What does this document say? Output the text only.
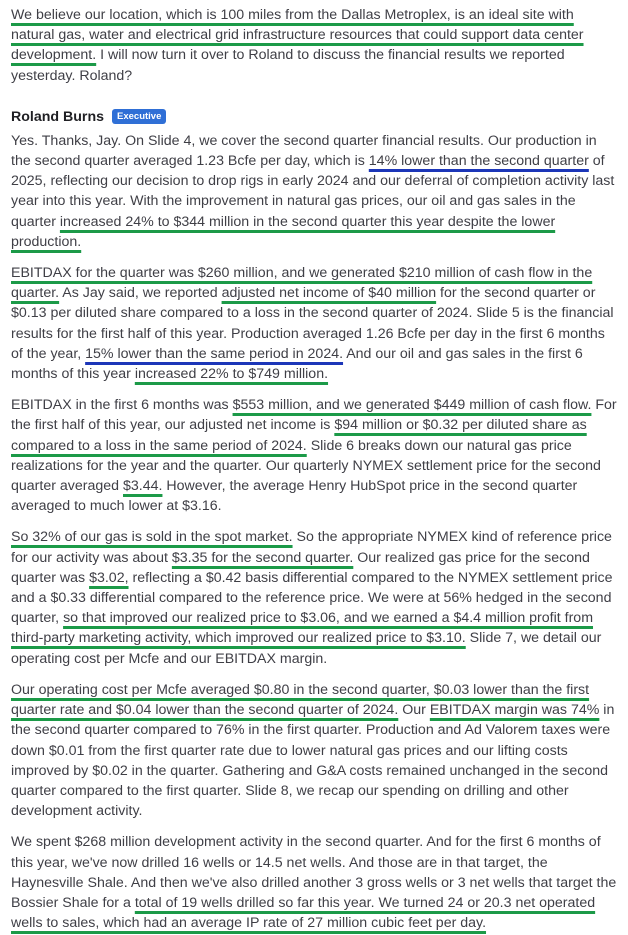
We believe our location, which is 100 miles from the Dallas Metroplex, is an ideal site with natural gas, water and electrical grid infrastructure resources that could support data center development. I will now turn it over to Roland to discuss the financial results we reported yesterday. Roland?

Roland Burns	Executive

Yes. Thanks, Jay. On Slide 4, we cover the second quarter financial results. Our production in the second quarter averaged 1.23 Bcfe per day, which is 14% lower than the second quarter of 2025, reflecting our decision to drop rigs in early 2024 and our deferral of completion activity last year into this year. With the improvement in natural gas prices, our oil and gas sales in the quarter increased 24% to $344 million in the second quarter this year despite the lower production.

EBITDAX for the quarter was $260 million, and we generated $210 million of cash flow in the quarter. As Jay said, we reported adjusted net income of $40 million for the second quarter or $0.13 per diluted share compared to a loss in the second quarter of 2024. Slide 5 is the financial results for the first half of this year. Production averaged 1.26 Bcfe per day in the first 6 months of the year, 15% lower than the same period in 2024. And our oil and gas sales in the first 6 months of this year increased 22% to $749 million.

EBITDAX in the first 6 months was $553 million, and we generated $449 million of cash flow. For the first half of this year, our adjusted net income is $94 million or $0.32 per diluted share as compared to a loss in the same period of 2024. Slide 6 breaks down our natural gas price realizations for the year and the quarter. Our quarterly NYMEX settlement price for the second quarter averaged $3.44. However, the average Henry HubSpot price in the second quarter averaged to much lower at $3.16.

So 32% of our gas is sold in the spot market. So the appropriate NYMEX kind of reference price for our activity was about $3.35 for the second quarter. Our realized gas price for the second quarter was $3.02, reflecting a $0.42 basis differential compared to the NYMEX settlement price and a $0.33 differential compared to the reference price. We were at 56% hedged in the second quarter, so that improved our realized price to $3.06, and we earned a $4.4 million profit from third-party marketing activity, which improved our realized price to $3.10. Slide 7, we detail our operating cost per Mcfe and our EBITDAX margin.

Our operating cost per Mcfe averaged $0.80 in the second quarter, $0.03 lower than the first quarter rate and $0.04 lower than the second quarter of 2024. Our EBITDAX margin was 74% in the second quarter compared to 76% in the first quarter. Production and Ad Valorem taxes were down $0.01 from the first quarter rate due to lower natural gas prices and our lifting costs improved by $0.02 in the quarter. Gathering and G&A costs remained unchanged in the second quarter compared to the first quarter. Slide 8, we recap our spending on drilling and other development activity.

We spent $268 million development activity in the second quarter. And for the first 6 months of this year, we've now drilled 16 wells or 14.5 net wells. And those are in that target, the Haynesville Shale. And then we've also drilled another 3 gross wells or 3 net wells that target the Bossier Shale for a total of 19 wells drilled so far this year. We turned 24 or 20.3 net operated wells to sales, which had an average IP rate of 27 million cubic feet per day.
